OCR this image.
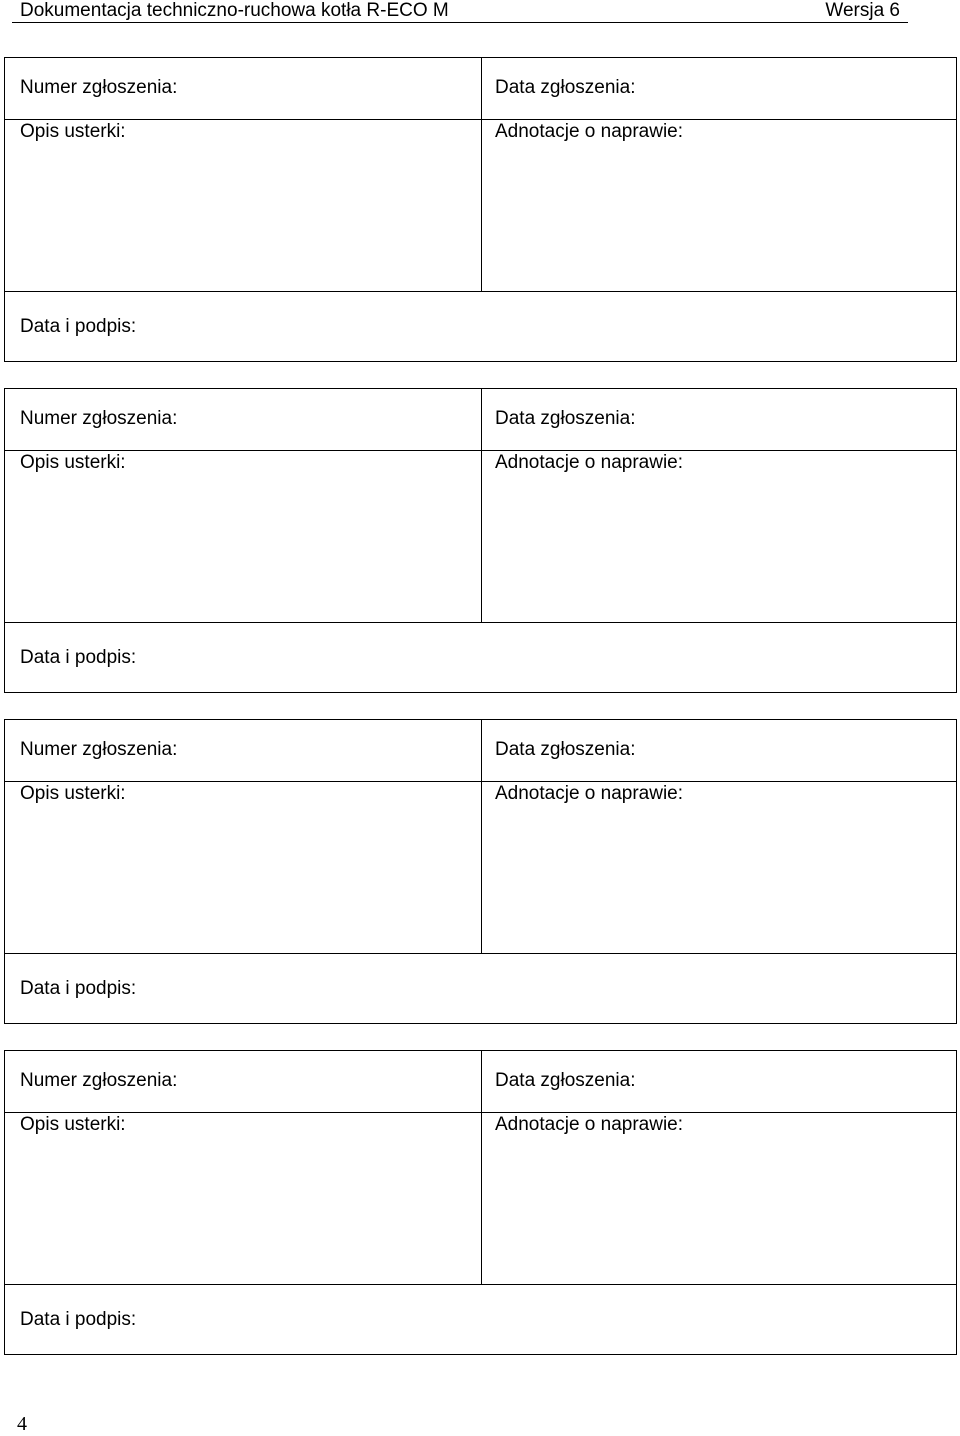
Dokumentacja techniczno-ruchowa kotła R-ECO M	Wersja 6
Numer zgłoszenia:	Data zgłoszenia:
Opis usterki:	Adnotacje o naprawie:
Data i podpis:
Numer zgłoszenia:	Data zgłoszenia:
Opis usterki:	Adnotacje o naprawie:
Data i podpis:
Numer zgłoszenia:	Data zgłoszenia:
Opis usterki:	Adnotacje o naprawie:
Data i podpis:
Numer zgłoszenia:	Data zgłoszenia:
Opis usterki:	Adnotacje o naprawie:
Data i podpis:
4
